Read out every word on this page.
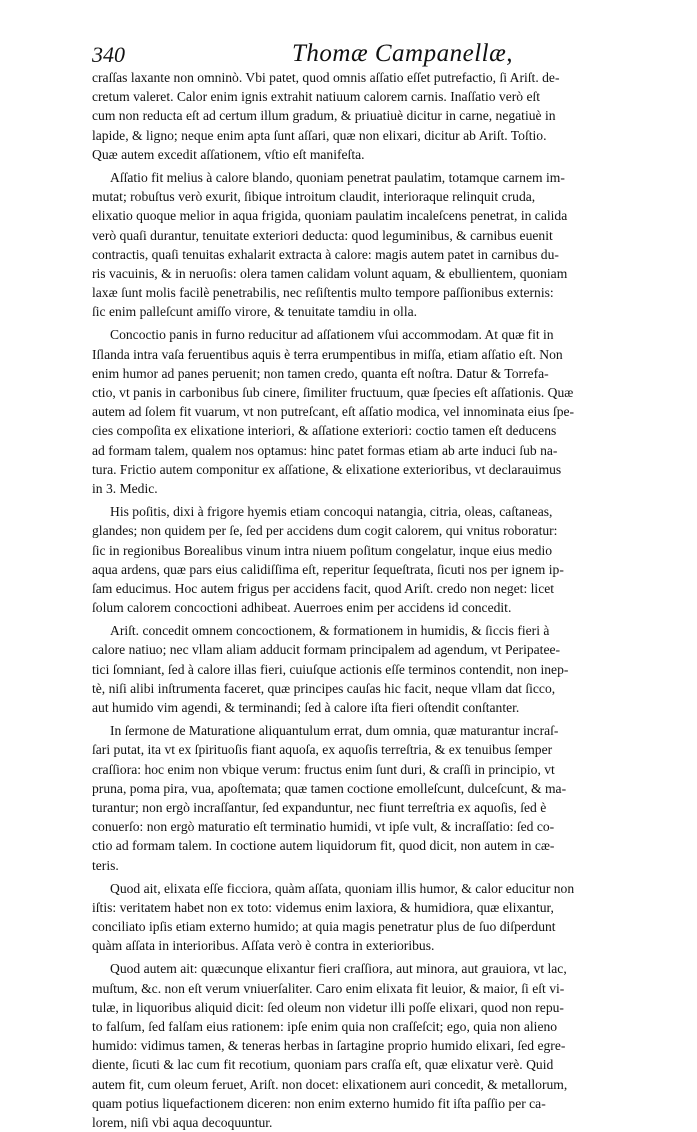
340	Thomæ Campanellæ,
craſſas laxante non omninò. Vbi patet, quod omnis aſſatio eſſet putrefactio, ſi Ariſt. de-
cretum valeret. Calor enim ignis extrahit natiuum calorem carnis. Inaſſatio verò eſt
cum non reducta eſt ad certum illum gradum, & priuatiuè dicitur in carne, negatiuè in
lapide, & ligno; neque enim apta ſunt aſſari, quæ non elixari, dicitur ab Ariſt. Toſtio.
Quæ autem excedit aſſationem, vſtio eſt manifeſta.
Aſſatio fit melius à calore blando, quoniam penetrat paulatim, totamque carnem im-
mutat; robuſtus verò exurit, ſibique introitum claudit, interioraque relinquit cruda,
elixatio quoque melior in aqua frigida, quoniam paulatim incaleſcens penetrat, in calida
verò quaſi durantur, tenuitate exteriori deducta: quod leguminibus, & carnibus euenit
contractis, quaſi tenuitas exhalarit extracta à calore: magis autem patet in carnibus du-
ris vacuinis, & in neruoſis: olera tamen calidam volunt aquam, & ebullientem, quoniam
laxæ ſunt molis facilè penetrabilis, nec reſiſtentis multo tempore paſſionibus externis:
ſic enim palleſcunt amiſſo virore, & tenuitate tamdiu in olla.
Concoctio panis in furno reducitur ad aſſationem vſui accommodam. At quæ fit in
Iſlanda intra vaſa feruentibus aquis è terra erumpentibus in miſſa, etiam aſſatio eſt. Non
enim humor ad panes peruenit; non tamen credo, quanta eſt noſtra. Datur & Torrefa-
ctio, vt panis in carbonibus ſub cinere, ſimiliter fructuum, quæ ſpecies eſt aſſationis. Quæ
autem ad ſolem fit vuarum, vt non putreſcant, eſt aſſatio modica, vel innominata eius ſpe-
cies compoſita ex elixatione interiori, & aſſatione exteriori: coctio tamen eſt deducens
ad formam talem, qualem nos optamus: hinc patet formas etiam ab arte induci ſub na-
tura. Frictio autem componitur ex aſſatione, & elixatione exterioribus, vt declarauimus
in 3. Medic.
His poſitis, dixi à frigore hyemis etiam concoqui natangia, citria, oleas, caſtaneas,
glandes; non quidem per ſe, ſed per accidens dum cogit calorem, qui vnitus roboratur:
ſic in regionibus Borealibus vinum intra niuem poſitum congelatur, inque eius medio
aqua ardens, quæ pars eius calidiſſima eſt, reperitur ſequeſtrata, ſicuti nos per ignem ip-
ſam educimus. Hoc autem frigus per accidens facit, quod Ariſt. credo non neget: licet
ſolum calorem concoctioni adhibeat. Auerroes enim per accidens id concedit.
Ariſt. concedit omnem concoctionem, & formationem in humidis, & ſiccis fieri à
calore natiuo; nec vllam aliam adducit formam principalem ad agendum, vt Peripatee-
tici ſomniant, ſed à calore illas fieri, cuiuſque actionis eſſe terminos contendit, non inep-
tè, niſi alibi inſtrumenta faceret, quæ principes cauſas hic facit, neque vllam dat ſicco,
aut humido vim agendi, & terminandi; ſed à calore iſta fieri oſtendit conſtanter.
In ſermone de Maturatione aliquantulum errat, dum omnia, quæ maturantur incraſ-
ſari putat, ita vt ex ſpirituoſis fiant aquoſa, ex aquoſis terreſtria, & ex tenuibus ſemper
craſſiora: hoc enim non vbique verum: fructus enim ſunt duri, & craſſi in principio, vt
pruna, poma pira, vua, apoſtemata; quæ tamen coctione emolleſcunt, dulceſcunt, & ma-
turantur; non ergò incraſſantur, ſed expanduntur, nec fiunt terreſtria ex aquoſis, ſed è
conuerſo: non ergò maturatio eſt terminatio humidi, vt ipſe vult, & incraſſatio: ſed co-
ctio ad formam talem. In coctione autem liquidorum fit, quod dicit, non autem in cæ-
teris.
Quod ait, elixata eſſe ficciora, quàm aſſata, quoniam illis humor, & calor educitur non
iſtis: veritatem habet non ex toto: videmus enim laxiora, & humidiora, quæ elixantur,
conciliato ipſis etiam externo humido; at quia magis penetratur plus de ſuo diſperdunt
quàm aſſata in interioribus. Aſſata verò è contra in exterioribus.
Quod autem ait: quæcunque elixantur fieri craſſiora, aut minora, aut grauiora, vt lac,
muſtum, &c. non eſt verum vniuerſaliter. Caro enim elixata fit leuior, & maior, ſi eſt vi-
tulæ, in liquoribus aliquid dicit: ſed oleum non videtur illi poſſe elixari, quod non repu-
to falſum, ſed falſam eius rationem: ipſe enim quia non craſſeſcit; ego, quia non alieno
humido: vidimus tamen, & teneras herbas in ſartagine proprio humido elixari, ſed egre-
diente, ſicuti & lac cum fit recotium, quoniam pars craſſa eſt, quæ elixatur verè. Quid
autem fit, cum oleum feruet, Ariſt. non docet: elixationem auri concedit, & metallorum,
quam potius liquefactionem diceren: non enim externo humido fit iſta paſſio per ca-
lorem, niſi vbi aqua decoquuntur.
